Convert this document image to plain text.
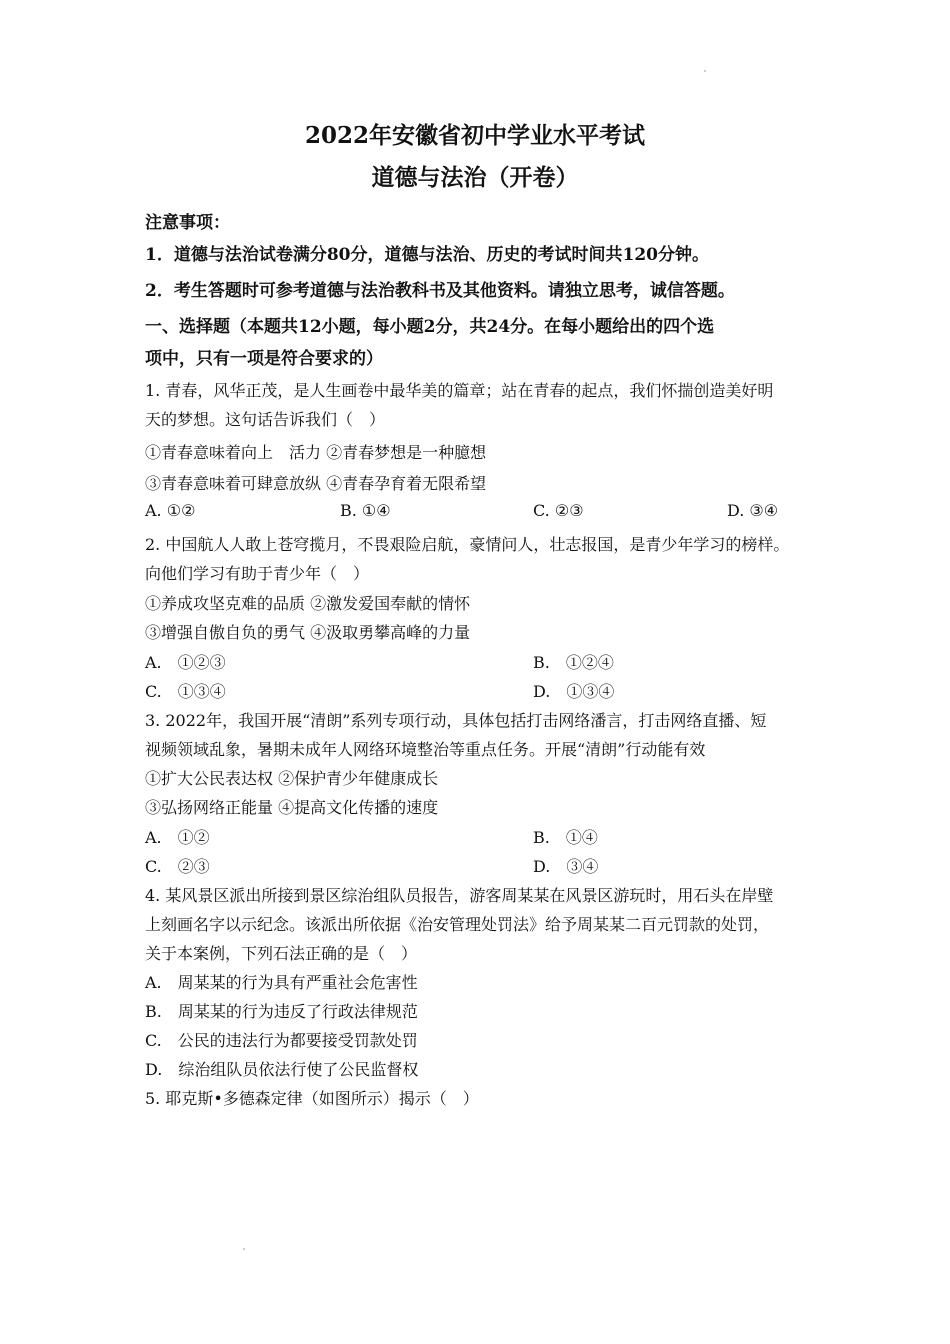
2022年安徽省初中学业水平考试
道德与法治（开卷）
注意事项：
1．道德与法治试卷满分80分，道德与法治、历史的考试时间共120分钟。
2．考生答题时可参考道德与法治教科书及其他资料。请独立思考，诚信答题。
一、选择题（本题共12小题，每小题2分，共24分。在每小题给出的四个选
项中，只有一项是符合要求的）
1. 青春，风华正茂，是人生画卷中最华美的篇章；站在青春的起点，我们怀揣创造美好明
天的梦想。这句话告诉我们（　）
①青春意味着向上　活力 ②青春梦想是一种臆想
③青春意味着可肆意放纵 ④青春孕育着无限希望
A. ①②	B. ①④	C. ②③	D. ③④
2. 中国航人人敢上苍穹揽月，不畏艰险启航，豪情问人，壮志报国，是青少年学习的榜样。
向他们学习有助于青少年（　）
①养成攻坚克难的品质 ②激发爱国奉献的情怀
③增强自傲自负的勇气 ④汲取勇攀高峰的力量
A.　①②③	B.　①②④
C.　①③④	D.　①③④
3. 2022年，我国开展“清朗”系列专项行动，具体包括打击网络潘言，打击网络直播、短
视频领域乱象，暑期未成年人网络环境整治等重点任务。开展“清朗”行动能有效
①扩大公民表达权 ②保护青少年健康成长
③弘扬网络正能量 ④提高文化传播的速度
A.　①②	B.　①④
C.　②③	D.　③④
4. 某风景区派出所接到景区综治组队员报告，游客周某某在风景区游玩时，用石头在岸壁
上刻画名字以示纪念。该派出所依据《治安管理处罚法》给予周某某二百元罚款的处罚，
关于本案例，下列石法正确的是（　）
A.　周某某的行为具有严重社会危害性
B.　周某某的行为违反了行政法律规范
C.　公民的违法行为都要接受罚款处罚
D.　综治组队员依法行使了公民监督权
5. 耶克斯•多德森定律（如图所示）揭示（　）
